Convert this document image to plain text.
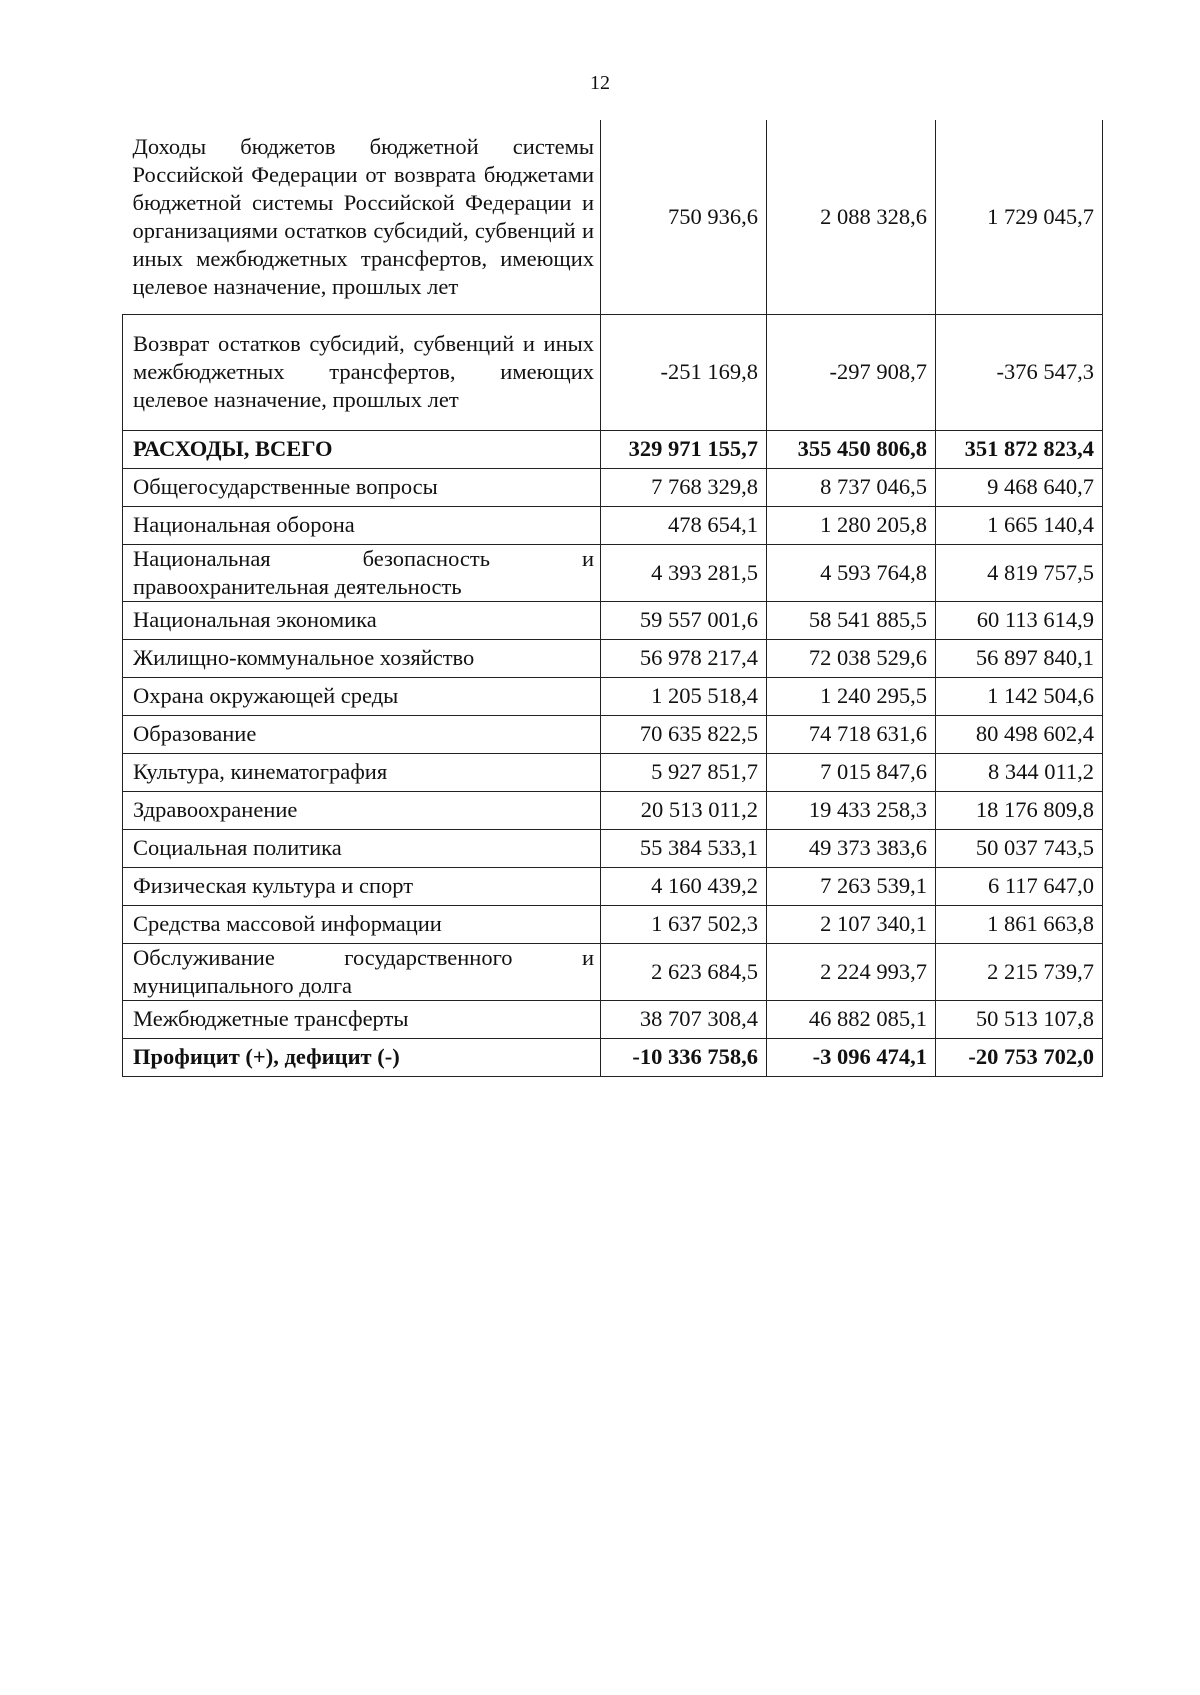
12
Доходы бюджетов бюджетной системы Российской Федерации от возврата бюджетами бюджетной системы Российской Федерации и организациями остатков субсидий, субвенций и иных межбюджетных трансфертов, имеющих целевое назначение, прошлых лет	750 936,6	2 088 328,6	1 729 045,7
Возврат остатков субсидий, субвенций и иных межбюджетных трансфертов, имеющих целевое назначение, прошлых лет	-251 169,8	-297 908,7	-376 547,3
РАСХОДЫ, ВСЕГО	329 971 155,7	355 450 806,8	351 872 823,4
Общегосударственные вопросы	7 768 329,8	8 737 046,5	9 468 640,7
Национальная оборона	478 654,1	1 280 205,8	1 665 140,4
Национальная безопасность и правоохранительная деятельность	4 393 281,5	4 593 764,8	4 819 757,5
Национальная экономика	59 557 001,6	58 541 885,5	60 113 614,9
Жилищно-коммунальное хозяйство	56 978 217,4	72 038 529,6	56 897 840,1
Охрана окружающей среды	1 205 518,4	1 240 295,5	1 142 504,6
Образование	70 635 822,5	74 718 631,6	80 498 602,4
Культура, кинематография	5 927 851,7	7 015 847,6	8 344 011,2
Здравоохранение	20 513 011,2	19 433 258,3	18 176 809,8
Социальная политика	55 384 533,1	49 373 383,6	50 037 743,5
Физическая культура и спорт	4 160 439,2	7 263 539,1	6 117 647,0
Средства массовой информации	1 637 502,3	2 107 340,1	1 861 663,8
Обслуживание государственного и муниципального долга	2 623 684,5	2 224 993,7	2 215 739,7
Межбюджетные трансферты	38 707 308,4	46 882 085,1	50 513 107,8
Профицит (+), дефицит (-)	-10 336 758,6	-3 096 474,1	-20 753 702,0
